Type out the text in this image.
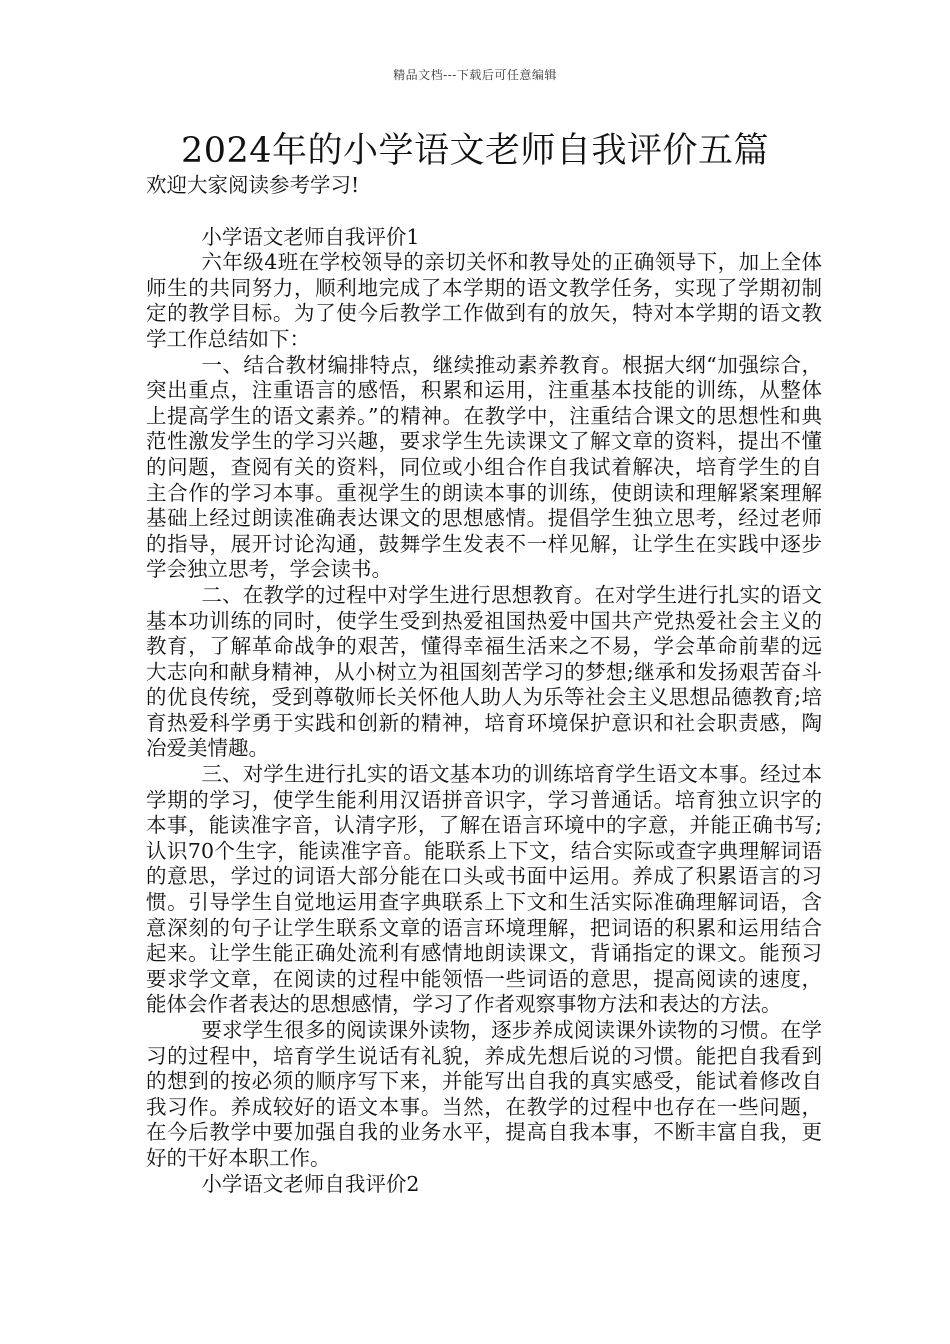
精品文档---下载后可任意编辑
2024年的小学语文老师自我评价五篇

欢迎大家阅读参考学习!

小学语文老师自我评价1

六年级4班在学校领导的亲切关怀和教导处的正确领导下，加上全体师生的共同努力，顺利地完成了本学期的语文教学任务，实现了学期初制定的教学目标。为了使今后教学工作做到有的放矢，特对本学期的语文教学工作总结如下：

一、结合教材编排特点，继续推动素养教育。根据大纲“加强综合，突出重点，注重语言的感悟，积累和运用，注重基本技能的训练，从整体上提高学生的语文素养。”的精神。在教学中，注重结合课文的思想性和典范性激发学生的学习兴趣，要求学生先读课文了解文章的资料，提出不懂的问题，查阅有关的资料，同位或小组合作自我试着解决，培育学生的自主合作的学习本事。重视学生的朗读本事的训练，使朗读和理解紧案理解基础上经过朗读准确表达课文的思想感情。提倡学生独立思考，经过老师的指导，展开讨论沟通，鼓舞学生发表不一样见解，让学生在实践中逐步学会独立思考，学会读书。

二、在教学的过程中对学生进行思想教育。在对学生进行扎实的语文基本功训练的同时，使学生受到热爱祖国热爱中国共产党热爱社会主义的教育，了解革命战争的艰苦，懂得幸福生活来之不易，学会革命前辈的远大志向和献身精神，从小树立为祖国刻苦学习的梦想;继承和发扬艰苦奋斗的优良传统，受到尊敬师长关怀他人助人为乐等社会主义思想品德教育;培育热爱科学勇于实践和创新的精神，培育环境保护意识和社会职责感，陶冶爱美情趣。

三、对学生进行扎实的语文基本功的训练培育学生语文本事。经过本学期的学习，使学生能利用汉语拼音识字，学习普通话。培育独立识字的本事，能读准字音，认清字形，了解在语言环境中的字意，并能正确书写;认识70个生字，能读准字音。能联系上下文，结合实际或查字典理解词语的意思，学过的词语大部分能在口头或书面中运用。养成了积累语言的习惯。引导学生自觉地运用查字典联系上下文和生活实际准确理解词语，含意深刻的句子让学生联系文章的语言环境理解，把词语的积累和运用结合起来。让学生能正确处流利有感情地朗读课文，背诵指定的课文。能预习要求学文章，在阅读的过程中能领悟一些词语的意思，提高阅读的速度，能体会作者表达的思想感情，学习了作者观察事物方法和表达的方法。

要求学生很多的阅读课外读物，逐步养成阅读课外读物的习惯。在学习的过程中，培育学生说话有礼貌，养成先想后说的习惯。能把自我看到的想到的按必须的顺序写下来，并能写出自我的真实感受，能试着修改自我习作。养成较好的语文本事。当然，在教学的过程中也存在一些问题，在今后教学中要加强自我的业务水平，提高自我本事，不断丰富自我，更好的干好本职工作。

小学语文老师自我评价2
